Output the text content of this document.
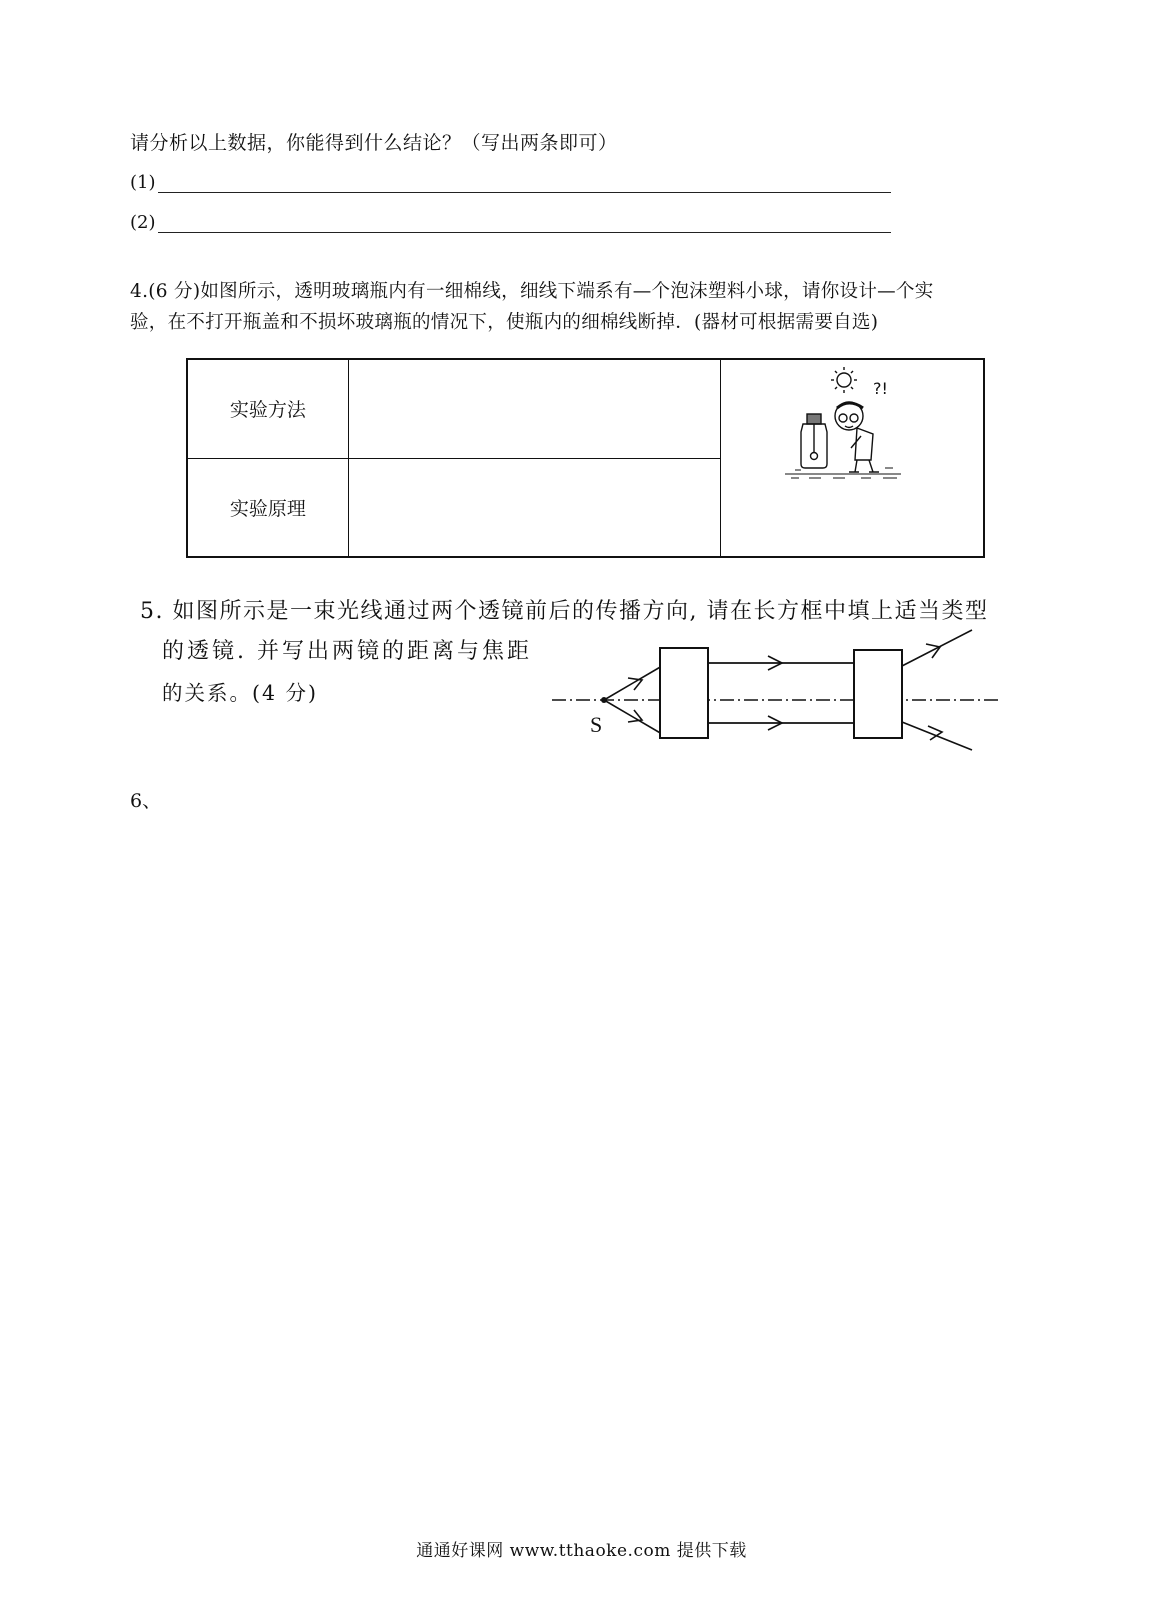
请分析以上数据，你能得到什么结论？（写出两条即可）
(1)
(2)
4.(6 分)如图所示，透明玻璃瓶内有一细棉线，细线下端系有—个泡沫塑料小球，请你设计—个实
验，在不打开瓶盖和不损坏玻璃瓶的情况下，使瓶内的细棉线断掉．(器材可根据需要自选)
实验方法		?!

实验原理		
5. 如图所示是一束光线通过两个透镜前后的传播方向, 请在长方框中填上适当类型
的透镜. 并写出两镜的距离与焦距
的关系。(4 分)
S
6、
通通好课网 www.tthaoke.com 提供下载
